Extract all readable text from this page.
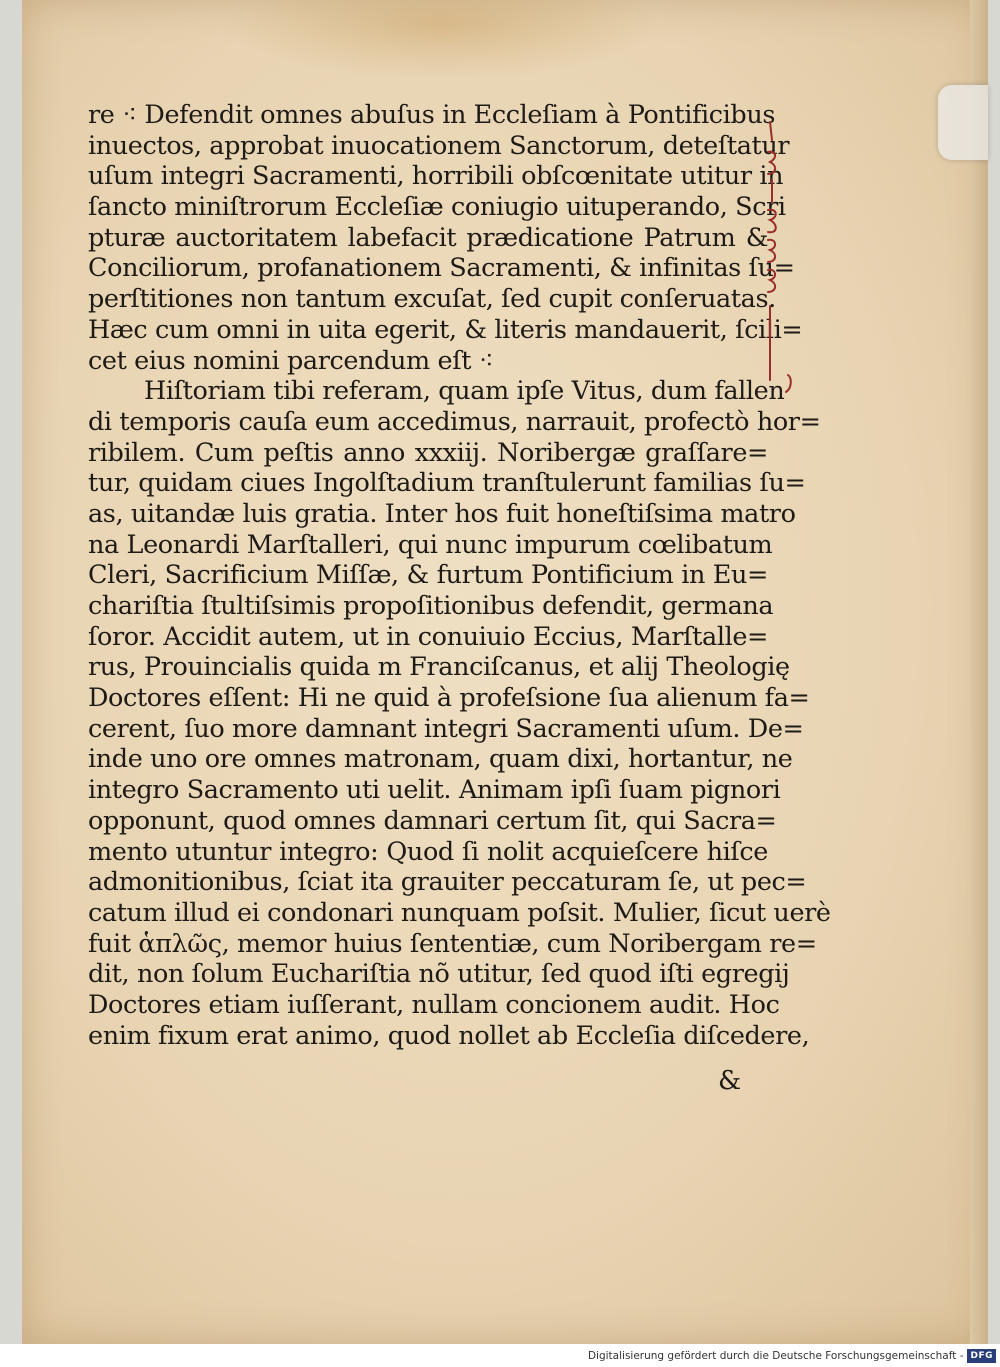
re ⁖ Defendit omnes abuſus in Eccleſiam à Pontificibus
inuectos, approbat inuocationem Sanctorum, deteſtatur
uſum integri Sacramenti, horribili obſcœnitate utitur in
ſancto miniſtrorum Eccleſiæ coniugio uituperando, Scri
pturæ auctoritatem labefacit prædicatione Patrum &
Conciliorum, profanationem Sacramenti, & infinitas ſu=
perſtitiones non tantum excuſat, ſed cupit conſeruatas.
Hæc cum omni in uita egerit, & literis mandauerit, ſcili=
cet eius nomini parcendum eſt ⁖
Hiſtoriam tibi referam, quam ipſe Vitus, dum fallen
di temporis cauſa eum accedimus, narrauit, profectò hor=
ribilem. Cum peſtis anno xxxiij. Noribergæ graſſare=
tur, quidam ciues Ingolſtadium tranſtulerunt familias ſu=
as, uitandæ luis gratia. Inter hos fuit honeſtiſsima matro
na Leonardi Marſtalleri, qui nunc impurum cœlibatum
Cleri, Sacrificium Miſſæ, & furtum Pontificium in Eu=
chariſtia ſtultiſsimis propoſitionibus defendit, germana
ſoror. Accidit autem, ut in conuiuio Eccius, Marſtalle=
rus, Prouincialis quida m Franciſcanus, et alij Theologię
Doctores eſſent: Hi ne quid à profeſsione ſua alienum fa=
cerent, ſuo more damnant integri Sacramenti uſum. De=
inde uno ore omnes matronam, quam dixi, hortantur, ne
integro Sacramento uti uelit. Animam ipſi ſuam pignori
opponunt, quod omnes damnari certum ſit, qui Sacra=
mento utuntur integro: Quod ſi nolit acquieſcere hiſce
admonitionibus, ſciat ita grauiter peccaturam ſe, ut pec=
catum illud ei condonari nunquam poſsit. Mulier, ſicut uerè
fuit ἁπλῶς, memor huius ſententiæ, cum Noribergam re=
dit, non ſolum Euchariſtia nõ utitur, ſed quod iſti egregij
Doctores etiam iuſſerant, nullam concionem audit. Hoc
enim fixum erat animo, quod nollet ab Eccleſia diſcedere,
&
Digitalisierung gefördert durch die Deutsche Forschungsgemeinschaft - DFG
